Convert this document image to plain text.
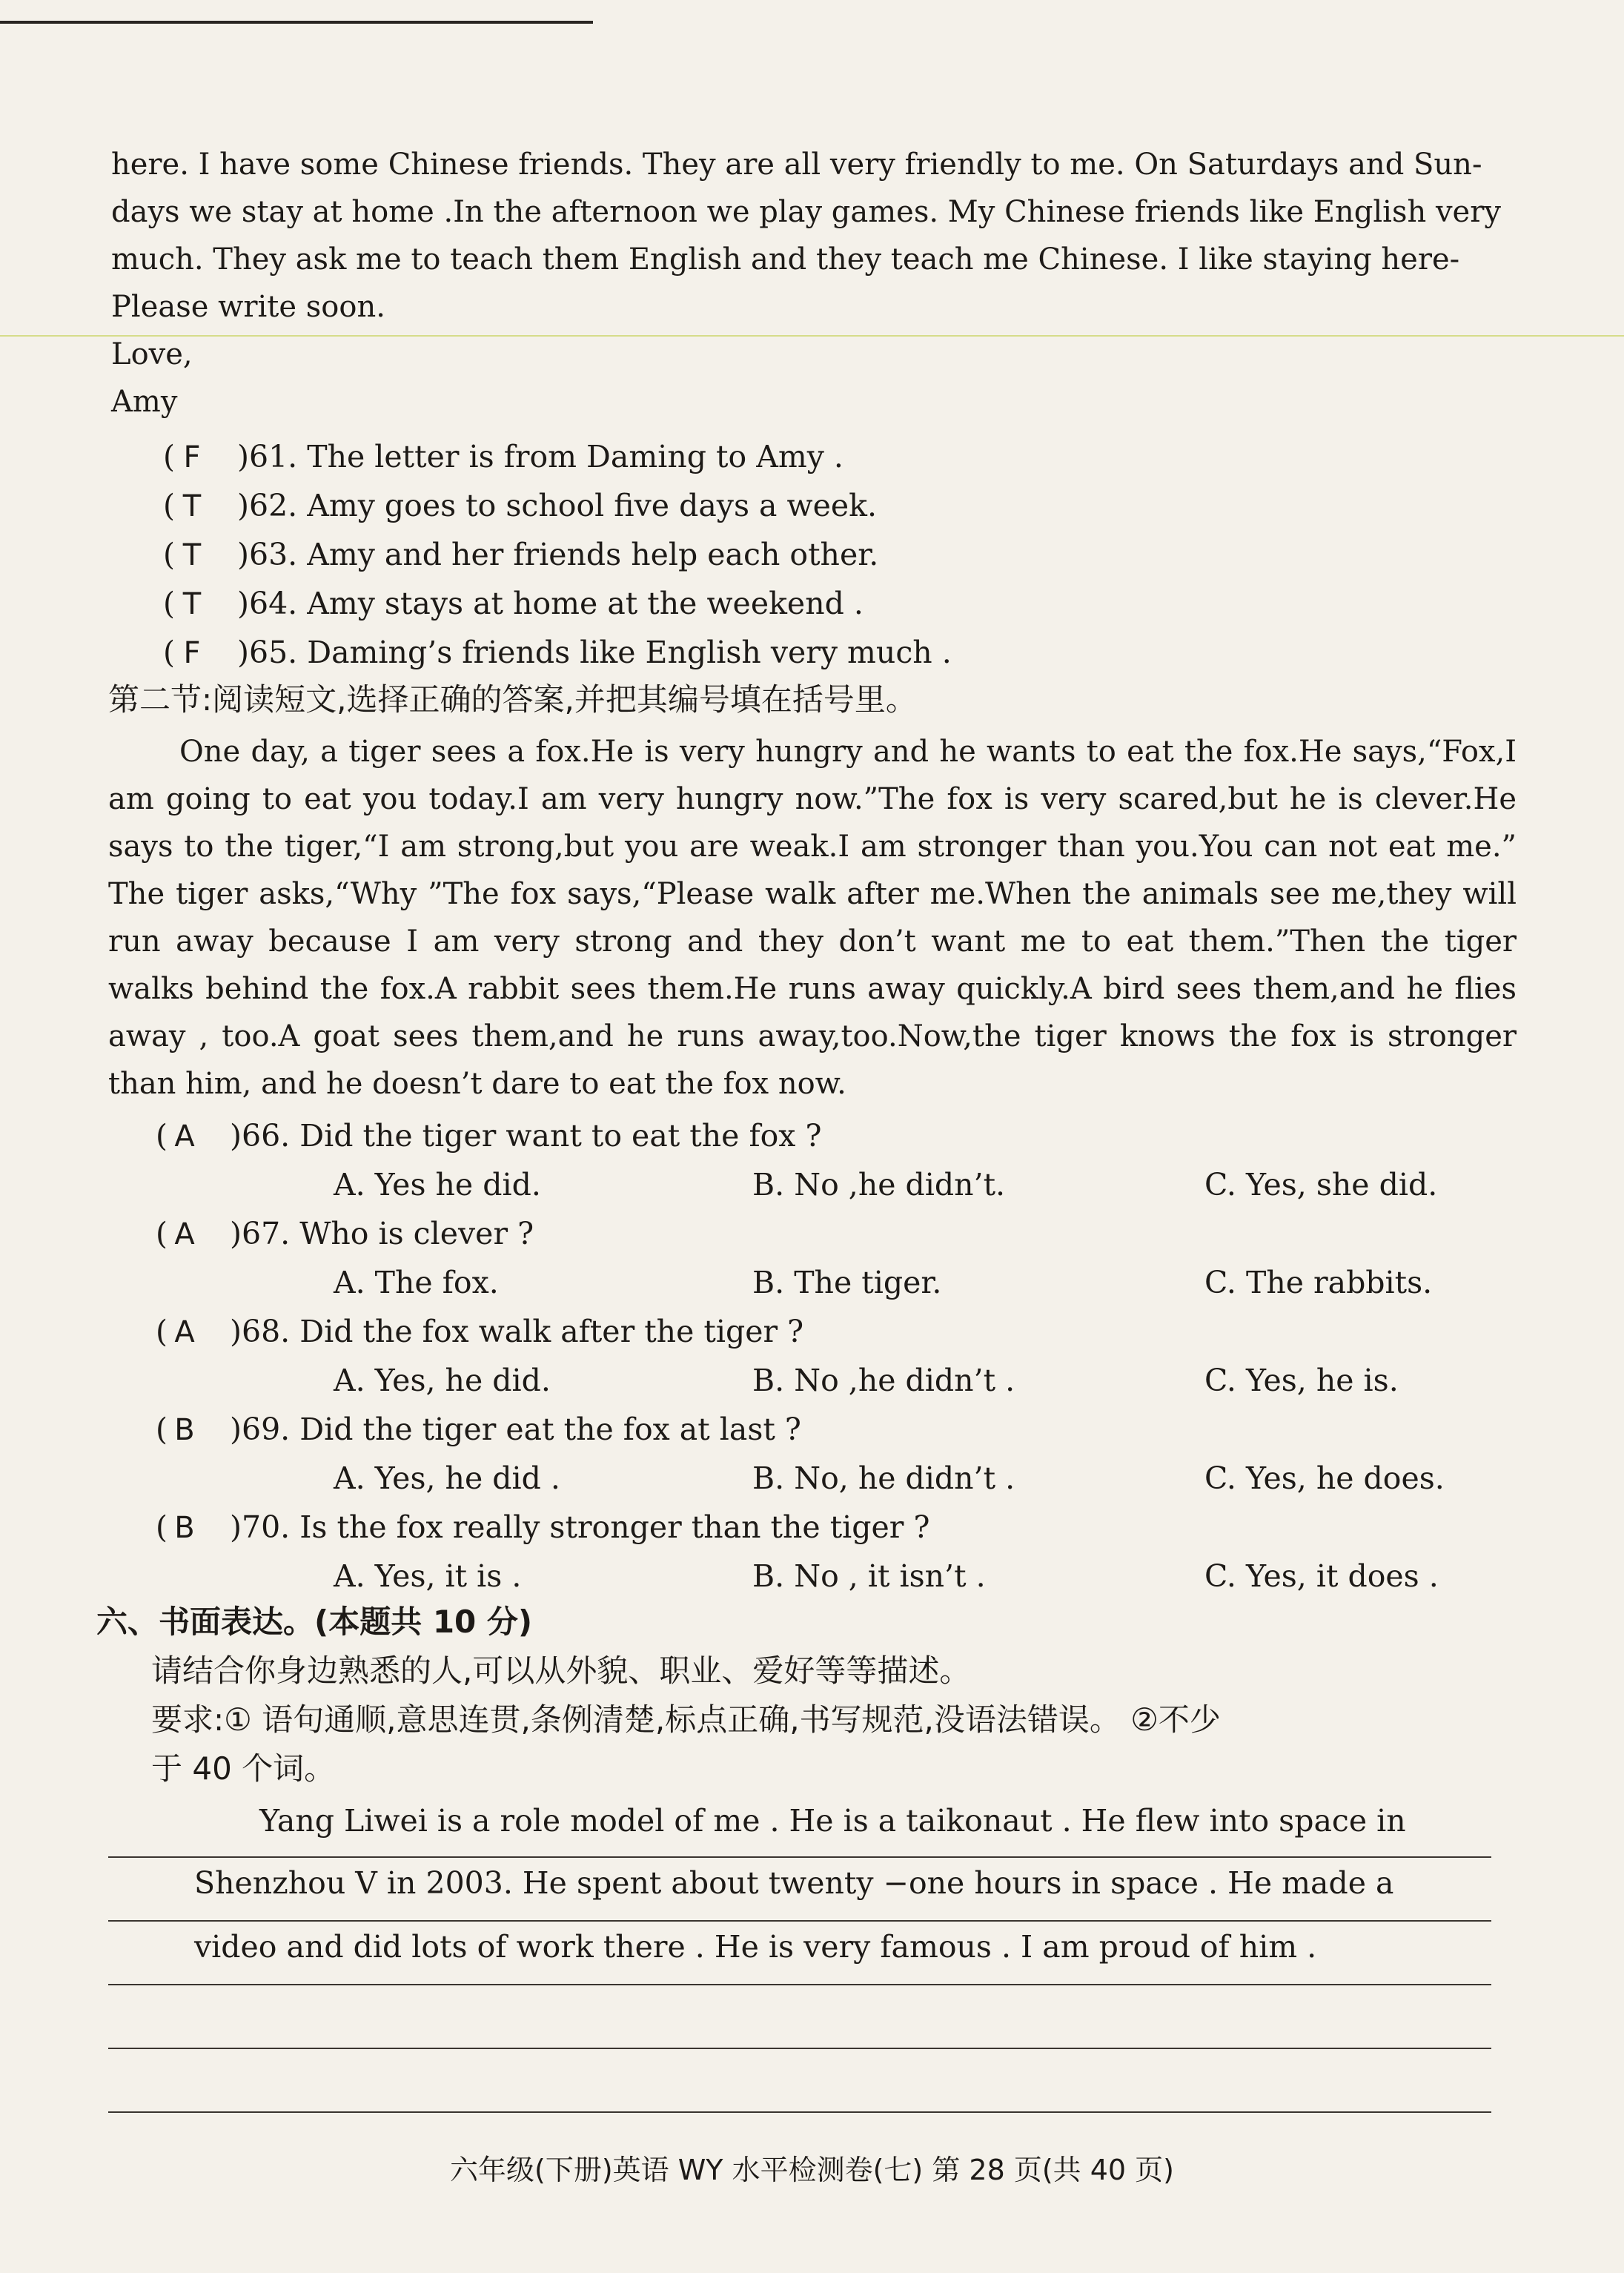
here. I have some Chinese friends. They are all very friendly to me. On Saturdays and Sun-
days we stay at home .In the afternoon we play games. My Chinese friends like English very
much. They ask me to teach them English and they teach me Chinese. I like staying here-
Please write soon.
Love,
Amy
( F )61. The letter is from Daming to Amy .
( T )62. Amy goes to school five days a week.
( T )63. Amy and her friends help each other.
( T )64. Amy stays at home at the weekend .
( F )65. Daming’s friends like English very much .
第二节:阅读短文,选择正确的答案,并把其编号填在括号里。

One day, a tiger sees a fox.He is very hungry and he wants to eat the fox.He says,“Fox,I am going to eat you today.I am very hungry now.”The fox is very scared,but he is clever.He says to the tiger,“I am strong,but you are weak.I am stronger than you.You can not eat me.” The tiger asks,“Why ”The fox says,“Please walk after me.When the animals see me,they will run away because I am very strong and they don’t want me to eat them.”Then the tiger walks behind the fox.A rabbit sees them.He runs away quickly.A bird sees them,and he flies away , too.A goat sees them,and he runs away,too.Now,the tiger knows the fox is stronger than him, and he doesn’t dare to eat the fox now.

( A )66. Did the tiger want to eat the fox ?
A. Yes he did.	B. No ,he didn’t.	C. Yes, she did.
( A )67. Who is clever ?
A. The fox.	B. The tiger.	C. The rabbits.
( A )68. Did the fox walk after the tiger ?
A. Yes, he did.	B. No ,he didn’t .	C. Yes, he is.
( B )69. Did the tiger eat the fox at last ?
A. Yes, he did .	B. No, he didn’t .	C. Yes, he does.
( B )70. Is the fox really stronger than the tiger ?
A. Yes, it is .	B. No , it isn’t .	C. Yes, it does .
六、书面表达。(本题共 10 分)
请结合你身边熟悉的人,可以从外貌、职业、爱好等等描述。
要求:① 语句通顺,意思连贯,条例清楚,标点正确,书写规范,没语法错误。 ②不少
于 40 个词。
Yang Liwei is a role model of me . He is a taikonaut . He flew into space in
Shenzhou V in 2003. He spent about twenty −one hours in space . He made a
video and did lots of work there . He is very famous . I am proud of him .
六年级(下册)英语 WY 水平检测卷(七) 第 28 页(共 40 页)
